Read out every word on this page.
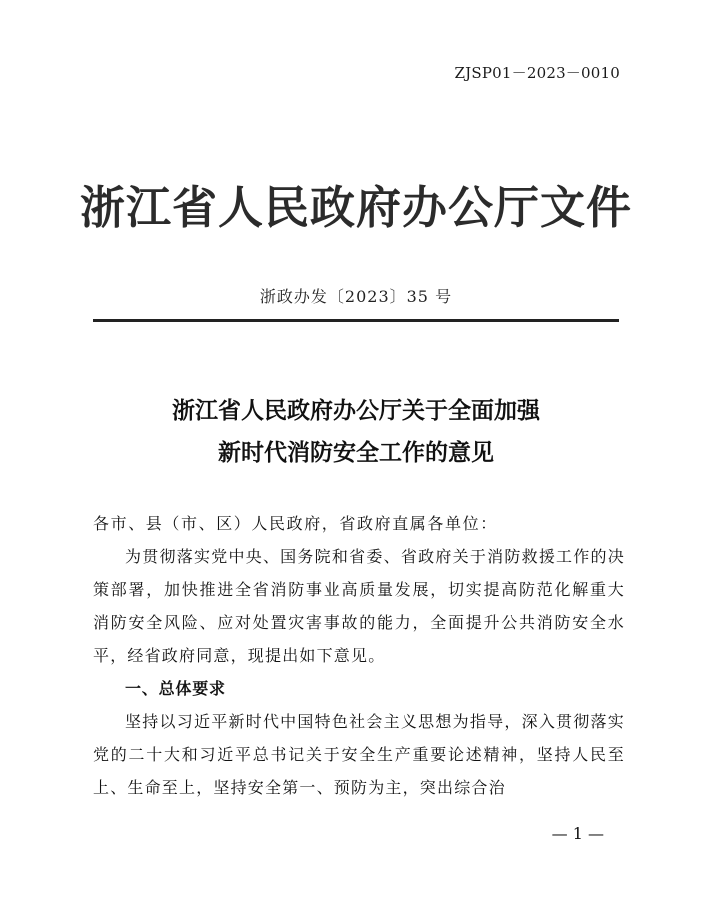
ZJSP01－2023－0010
浙江省人民政府办公厅文件
浙政办发〔2023〕35 号
浙江省人民政府办公厅关于全面加强
新时代消防安全工作的意见

各市、县（市、区）人民政府，省政府直属各单位：

为贯彻落实党中央、国务院和省委、省政府关于消防救援工作的决策部署，加快推进全省消防事业高质量发展，切实提高防范化解重大消防安全风险、应对处置灾害事故的能力，全面提升公共消防安全水平，经省政府同意，现提出如下意见。

一、总体要求

坚持以习近平新时代中国特色社会主义思想为指导，深入贯彻落实党的二十大和习近平总书记关于安全生产重要论述精神，坚持人民至上、生命至上，坚持安全第一、预防为主，突出综合治

— 1 —
